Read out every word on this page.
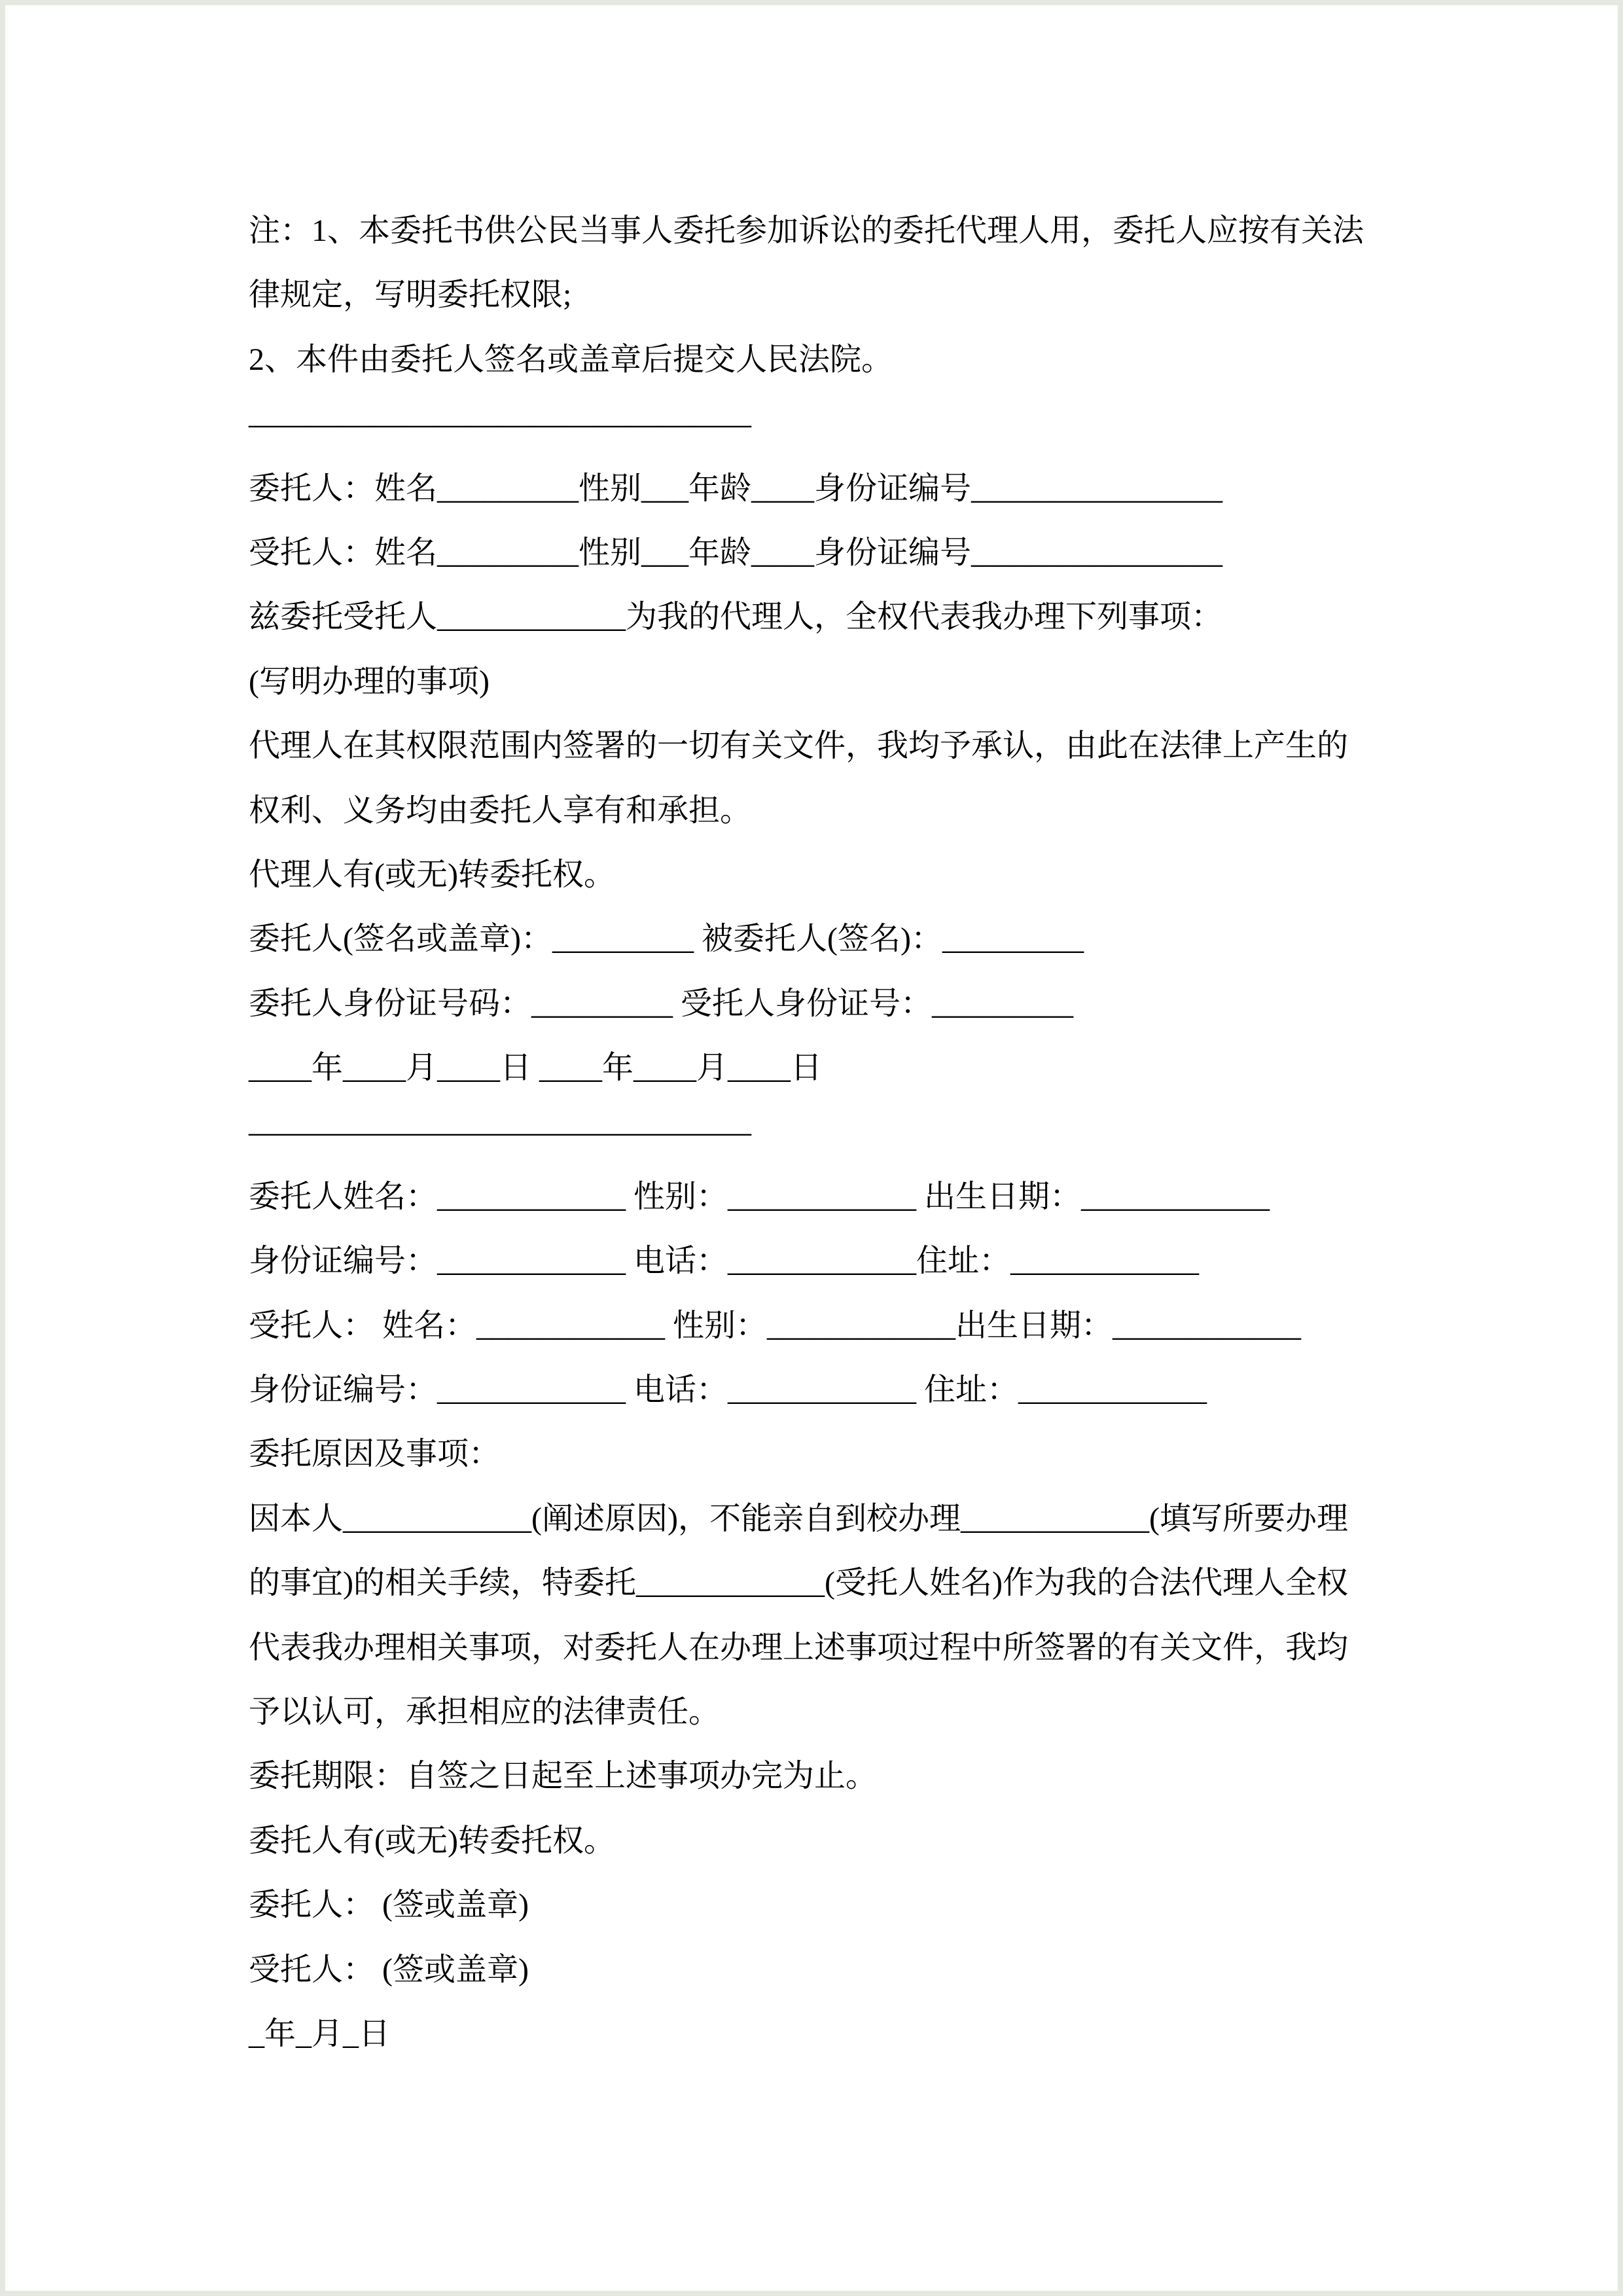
注：1、本委托书供公民当事人委托参加诉讼的委托代理人用，委托人应按有关法律规定，写明委托权限;

2、本件由委托人签名或盖章后提交人民法院。

————————————————

委托人：姓名_________性别___年龄____身份证编号________________

受托人：姓名_________性别___年龄____身份证编号________________

兹委托受托人____________为我的代理人，全权代表我办理下列事项：

(写明办理的事项)

代理人在其权限范围内签署的一切有关文件，我均予承认，由此在法律上产生的权利、义务均由委托人享有和承担。

代理人有(或无)转委托权。

委托人(签名或盖章)：_________ 被委托人(签名)：_________

委托人身份证号码：_________ 受托人身份证号：_________

____年____月____日 ____年____月____日

————————————————

委托人姓名：____________ 性别：____________ 出生日期：____________

身份证编号：____________ 电话：____________住址：____________

受托人： 姓名：____________ 性别：____________出生日期：____________

身份证编号：____________ 电话：____________ 住址：____________

委托原因及事项：

因本人____________(阐述原因)，不能亲自到校办理____________(填写所要办理的事宜)的相关手续，特委托____________(受托人姓名)作为我的合法代理人全权代表我办理相关事项，对委托人在办理上述事项过程中所签署的有关文件，我均予以认可，承担相应的法律责任。

委托期限：自签之日起至上述事项办完为止。

委托人有(或无)转委托权。

委托人： (签或盖章)

受托人： (签或盖章)

_年_月_日
